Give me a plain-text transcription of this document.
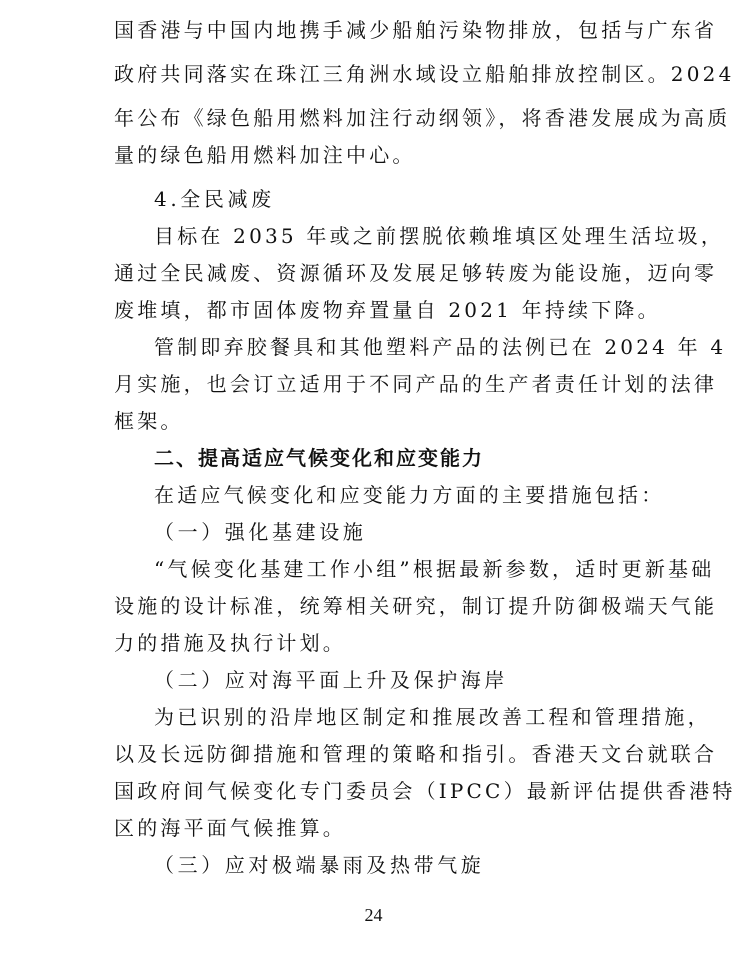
国香港与中国内地携手减少船舶污染物排放，包括与广东省
政府共同落实在珠江三角洲水域设立船舶排放控制区。2024
年公布《绿色船用燃料加注行动纲领》，将香港发展成为高质
量的绿色船用燃料加注中心。
4.全民减废
目标在 2035 年或之前摆脱依赖堆填区处理生活垃圾，
通过全民减废、资源循环及发展足够转废为能设施，迈向零
废堆填，都市固体废物弃置量自 2021 年持续下降。
管制即弃胶餐具和其他塑料产品的法例已在 2024 年 4
月实施，也会订立适用于不同产品的生产者责任计划的法律
框架。
二、提高适应气候变化和应变能力
在适应气候变化和应变能力方面的主要措施包括：
（一）强化基建设施
“气候变化基建工作小组”根据最新参数，适时更新基础
设施的设计标准，统筹相关研究，制订提升防御极端天气能
力的措施及执行计划。
（二）应对海平面上升及保护海岸
为已识别的沿岸地区制定和推展改善工程和管理措施，
以及长远防御措施和管理的策略和指引。香港天文台就联合
国政府间气候变化专门委员会（IPCC）最新评估提供香港特
区的海平面气候推算。
（三）应对极端暴雨及热带气旋
24
